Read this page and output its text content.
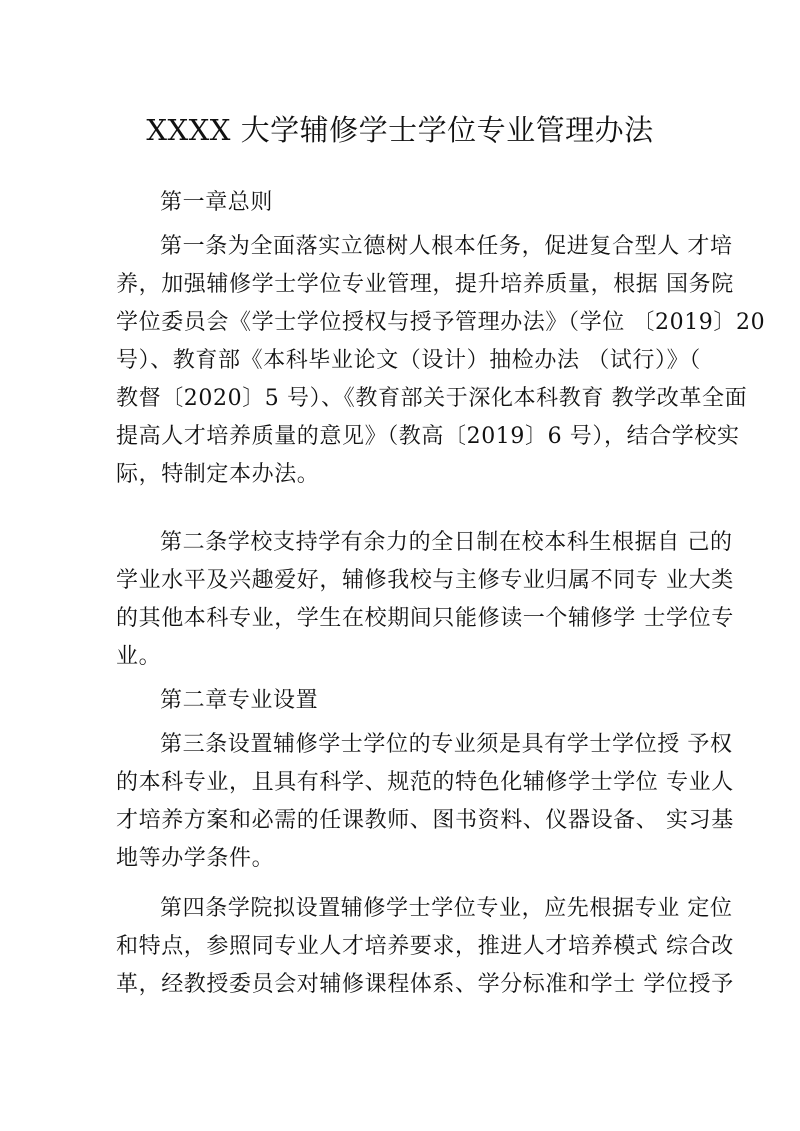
XXXX 大学辅修学士学位专业管理办法
第一章总则
第一条为全面落实立德树人根本任务，促进复合型人 才培
养，加强辅修学士学位专业管理，提升培养质量，根据 国务院
学位委员会《学士学位授权与授予管理办法》（学位 〔2019〕20
号）、教育部《本科毕业论文（设计）抽检办法 （试行）》（
教督〔2020〕5 号）、《教育部关于深化本科教育 教学改革全面
提高人才培养质量的意见》（教高〔2019〕6 号），结合学校实
际，特制定本办法。
第二条学校支持学有余力的全日制在校本科生根据自 己的
学业水平及兴趣爱好，辅修我校与主修专业归属不同专 业大类
的其他本科专业，学生在校期间只能修读一个辅修学 士学位专
业。
第二章专业设置
第三条设置辅修学士学位的专业须是具有学士学位授 予权
的本科专业，且具有科学、规范的特色化辅修学士学位 专业人
才培养方案和必需的任课教师、图书资料、仪器设备、 实习基
地等办学条件。
第四条学院拟设置辅修学士学位专业，应先根据专业 定位
和特点，参照同专业人才培养要求，推进人才培养模式 综合改
革，经教授委员会对辅修课程体系、学分标准和学士 学位授予
